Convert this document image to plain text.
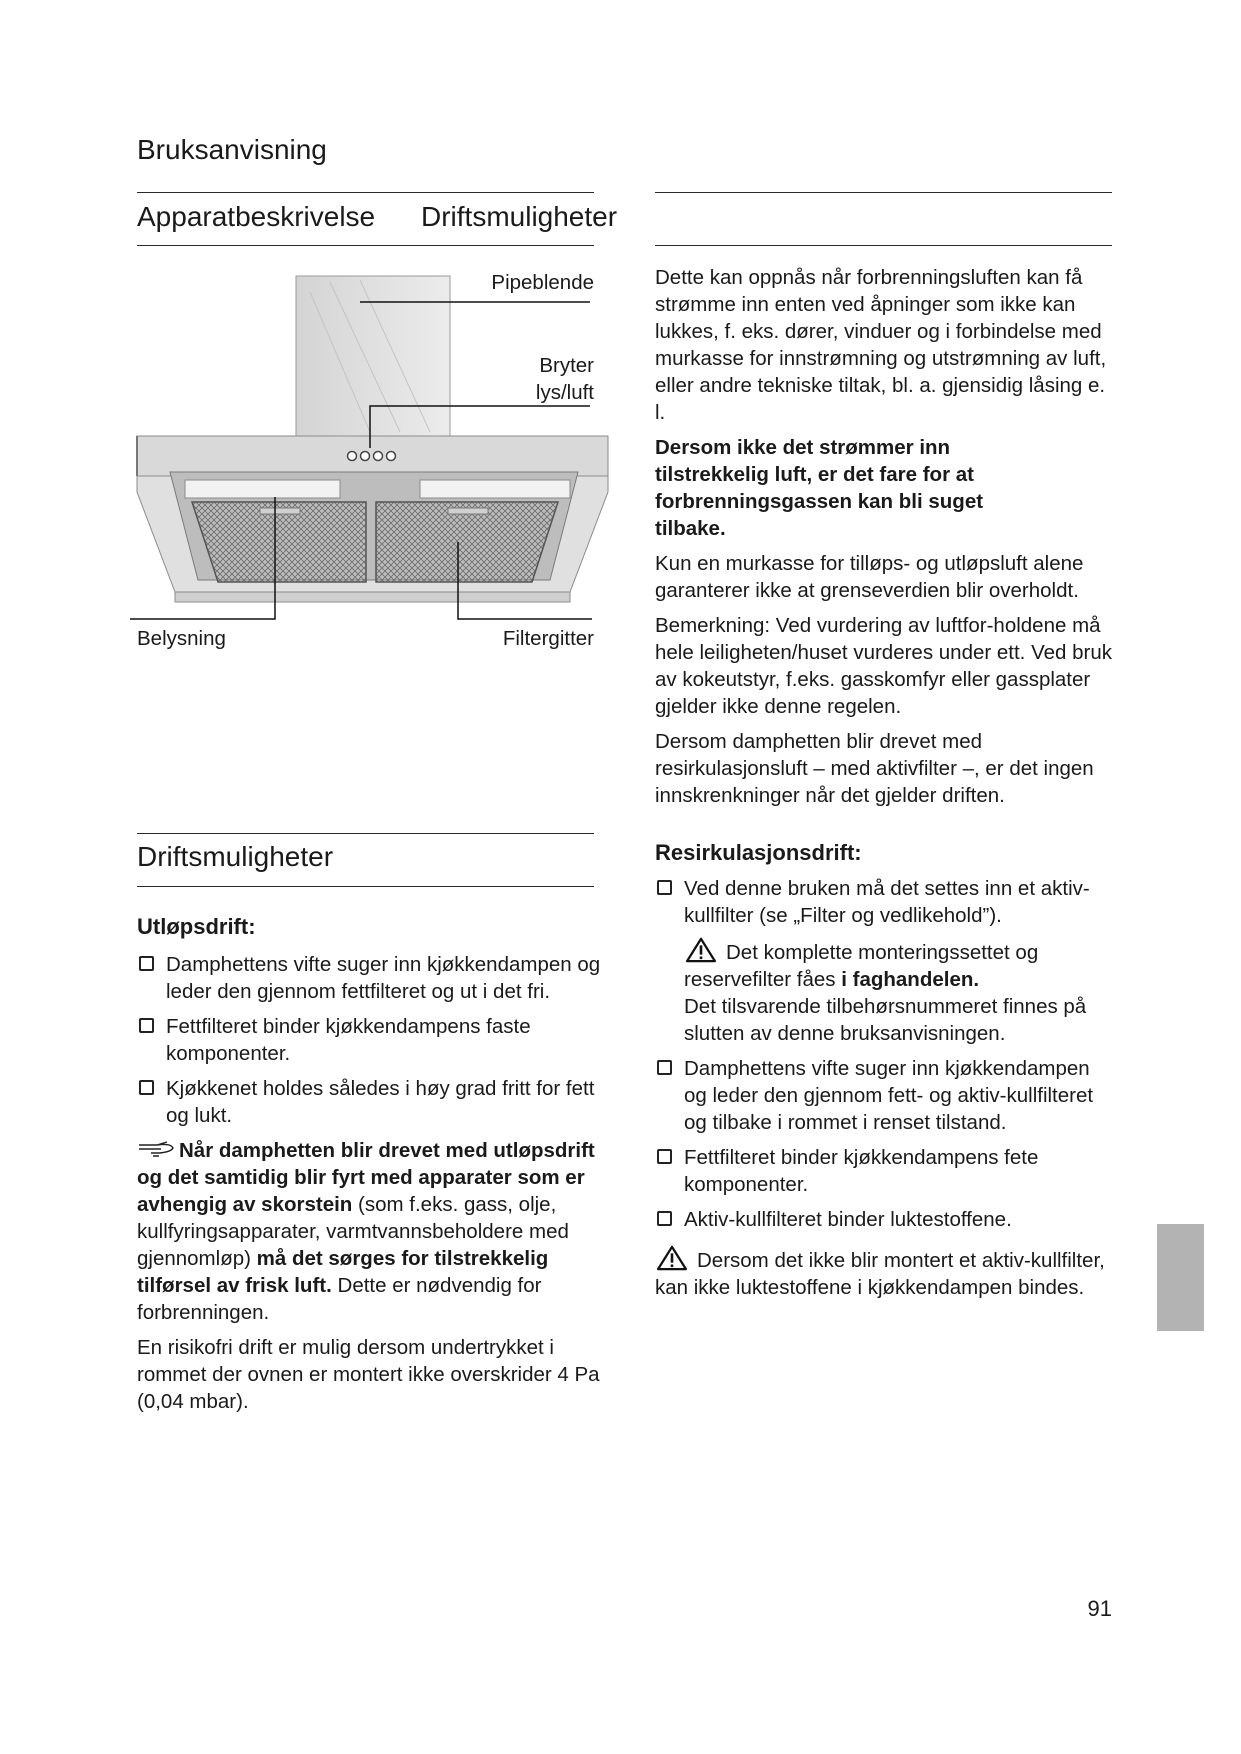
Bruksanvisning
Apparatbeskrivelse Driftsmuligheter
Pipeblende
Bryter
lys/luft
Belysning	Filtergitter
Driftsmuligheter
Utløpsdrift:
Damphettens vifte suger inn kjøkkendampen og leder den gjennom fettfilteret og ut i det fri.
Fettfilteret binder kjøkkendampens faste komponenter.
Kjøkkenet holdes således i høy grad fritt for fett og lukt.

Når damphetten blir drevet med utløpsdrift og det samtidig blir fyrt med apparater som er avhengig av skorstein (som f.eks. gass, olje, kullfyringsapparater, varmtvannsbeholdere med gjennomløp) må det sørges for tilstrekkelig tilførsel av frisk luft. Dette er nødvendig for forbrenningen.

En risikofri drift er mulig dersom undertrykket i rommet der ovnen er montert ikke overskrider 4 Pa (0,04 mbar).

Dette kan oppnås når forbrenningsluften kan få strømme inn enten ved åpninger som ikke kan lukkes, f. eks. dører, vinduer og i forbindelse med murkasse for innstrømning og utstrømning av luft, eller andre tekniske tiltak, bl. a. gjensidig låsing e. l.

Dersom ikke det strømmer inn tilstrekkelig luft, er det fare for at forbrenningsgassen kan bli suget tilbake.

Kun en murkasse for tilløps- og utløpsluft alene garanterer ikke at grenseverdien blir overholdt.

Bemerkning: Ved vurdering av luftfor-holdene må hele leiligheten/huset vurderes under ett. Ved bruk av kokeutstyr, f.eks. gasskomfyr eller gassplater gjelder ikke denne regelen.

Dersom damphetten blir drevet med resirkulasjonsluft – med aktivfilter –, er det ingen innskrenkninger når det gjelder driften.

Resirkulasjonsdrift:
Ved denne bruken må det settes inn et aktiv-kullfilter (se „Filter og vedlikehold”).
Det komplette monteringssettet og reservefilter fåes i faghandelen.
Det tilsvarende tilbehørsnummeret finnes på slutten av denne bruksanvisningen.
Damphettens vifte suger inn kjøkkendampen og leder den gjennom fett- og aktiv-kullfilteret og tilbake i rommet i renset tilstand.
Fettfilteret binder kjøkkendampens fete komponenter.
Aktiv-kullfilteret binder luktestoffene.

Dersom det ikke blir montert et aktiv-kullfilter, kan ikke luktestoffene i kjøkkendampen bindes.

91
